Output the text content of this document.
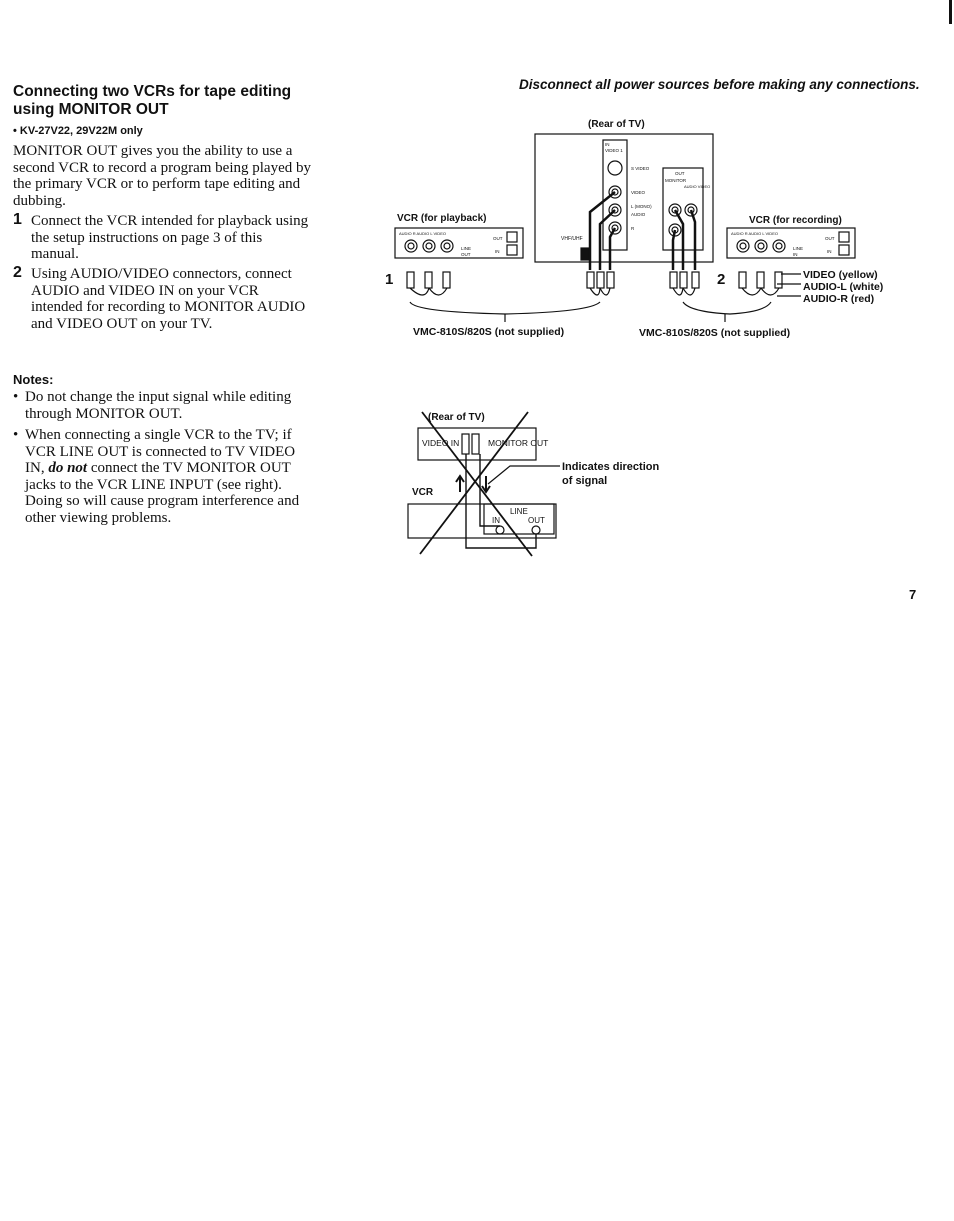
Connecting two VCRs for tape editing using MONITOR OUT
• KV-27V22, 29V22M only
MONITOR OUT gives you the ability to use a second VCR to record a program being played by the primary VCR or to perform tape editing and dubbing.
1 Connect the VCR intended for playback using the setup instructions on page 3 of this manual.
2 Using AUDIO/VIDEO connectors, connect AUDIO and VIDEO IN on your VCR intended for recording to MONITOR AUDIO and VIDEO OUT on your TV.
Notes:
• Do not change the input signal while editing through MONITOR OUT.
• When connecting a single VCR to the TV; if VCR LINE OUT is connected to TV VIDEO IN, do not connect the TV MONITOR OUT jacks to the VCR LINE INPUT (see right). Doing so will cause program interference and other viewing problems.
Disconnect all power sources before making any connections.
7
(Rear of TV)
IN
VIDEO 1
S VIDEO
VIDEO
L (MONO)
AUDIO
R
OUT
MONITOR
AUDIO VIDEO
VHF/UHF
VCR (for playback)
AUDIO R AUDIO L VIDEO
LINE
OUT
OUT
IN
VCR (for recording)
AUDIO R AUDIO L VIDEO
LINE
IN
OUT
IN
1	2	VIDEO (yellow)
AUDIO-L (white)
AUDIO-R (red)
VMC-810S/820S (not supplied)	VMC-810S/820S (not supplied)
(Rear of TV)
VIDEO IN	MONITOR OUT
VCR
LINE
IN	OUT
Indicates direction
of signal
